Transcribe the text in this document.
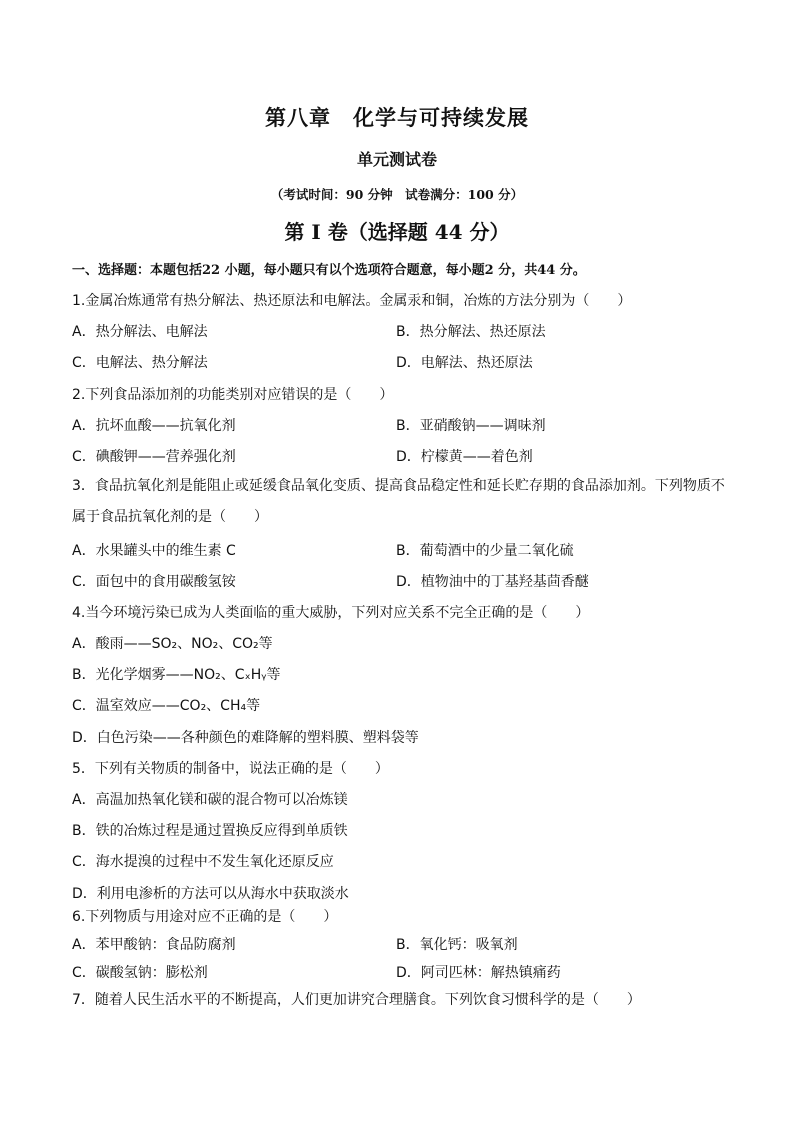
第八章　化学与可持续发展
单元测试卷
（考试时间：90 分钟　试卷满分：100 分）
第 I 卷（选择题 44 分）
一、选择题：本题包括22 小题，每小题只有以个选项符合题意，每小题2 分，共44 分。
1.金属冶炼通常有热分解法、热还原法和电解法。金属汞和铜，冶炼的方法分别为（　　）
A．热分解法、电解法	B．热分解法、热还原法
C．电解法、热分解法	D．电解法、热还原法
2.下列食品添加剂的功能类别对应错误的是（　　）
A．抗坏血酸——抗氧化剂	B．亚硝酸钠——调味剂
C．碘酸钾——营养强化剂	D．柠檬黄——着色剂
3．食品抗氧化剂是能阻止或延缓食品氧化变质、提高食品稳定性和延长贮存期的食品添加剂。下列物质不属于食品抗氧化剂的是（　　）
A．水果罐头中的维生素 C	B．葡萄酒中的少量二氧化硫
C．面包中的食用碳酸氢铵	D．植物油中的丁基羟基茴香醚
4.当今环境污染已成为人类面临的重大威胁，下列对应关系不完全正确的是（　　）
A．酸雨——SO₂、NO₂、CO₂等
B．光化学烟雾——NO₂、CₓHᵧ等
C．温室效应——CO₂、CH₄等
D．白色污染——各种颜色的难降解的塑料膜、塑料袋等
5．下列有关物质的制备中，说法正确的是（　　）
A．高温加热氧化镁和碳的混合物可以冶炼镁
B．铁的冶炼过程是通过置换反应得到单质铁
C．海水提溴的过程中不发生氧化还原反应
D．利用电渗析的方法可以从海水中获取淡水
6.下列物质与用途对应不正确的是（　　）
A．苯甲酸钠：食品防腐剂	B．氧化钙：吸氧剂
C．碳酸氢钠：膨松剂	D．阿司匹林：解热镇痛药
7．随着人民生活水平的不断提高，人们更加讲究合理膳食。下列饮食习惯科学的是（　　）
